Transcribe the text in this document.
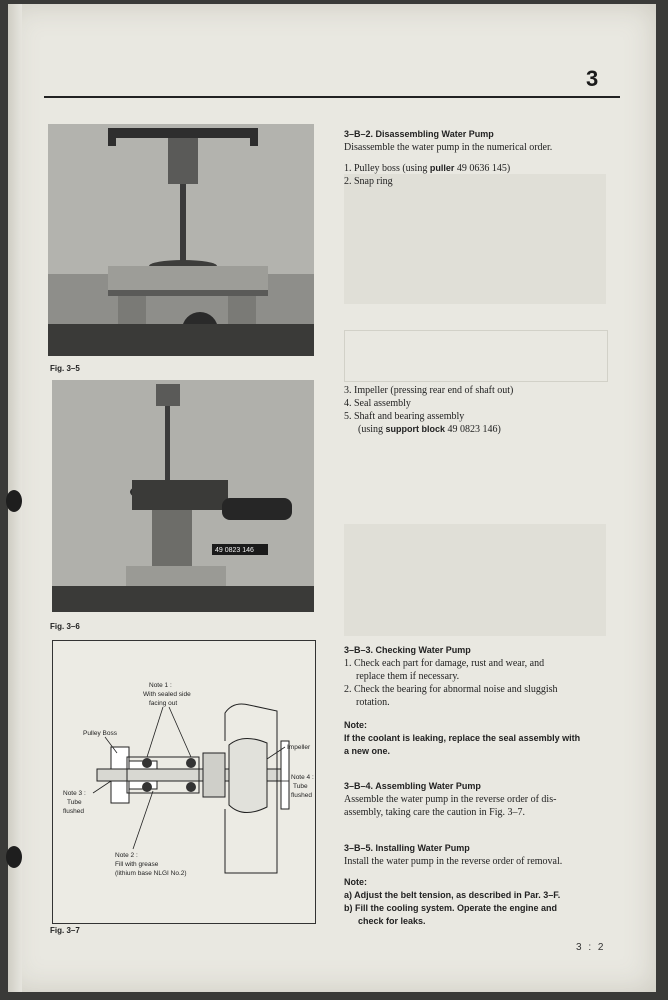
3
Fig. 3–5
49 0823 146
Fig. 3–6
Note 1 :
With sealed side
facing out
Pulley Boss
Impeller
Note 3 :
Tube
flushed
Note 4 :
Tube
flushed
Note 2 :
Fill with grease
(lithium base NLGI No.2)
Fig. 3–7
3–B–2. Disassembling Water Pump
Disassemble the water pump in the numerical order.
1. Pulley boss (using puller 49 0636 145)
2. Snap ring
3. Impeller (pressing rear end of shaft out)
4. Seal assembly
5. Shaft and bearing assembly
(using support block 49 0823 146)
3–B–3. Checking Water Pump
1. Check each part for damage, rust and wear, and
replace them if necessary.
2. Check the bearing for abnormal noise and sluggish
rotation.
Note:
If the coolant is leaking, replace the seal assembly with
a new one.
3–B–4. Assembling Water Pump
Assemble the water pump in the reverse order of dis-
assembly, taking care the caution in Fig. 3–7.
3–B–5. Installing Water Pump
Install the water pump in the reverse order of removal.
Note:
a) Adjust the belt tension, as described in Par. 3–F.
b) Fill the cooling system. Operate the engine and
check for leaks.
3 : 2
